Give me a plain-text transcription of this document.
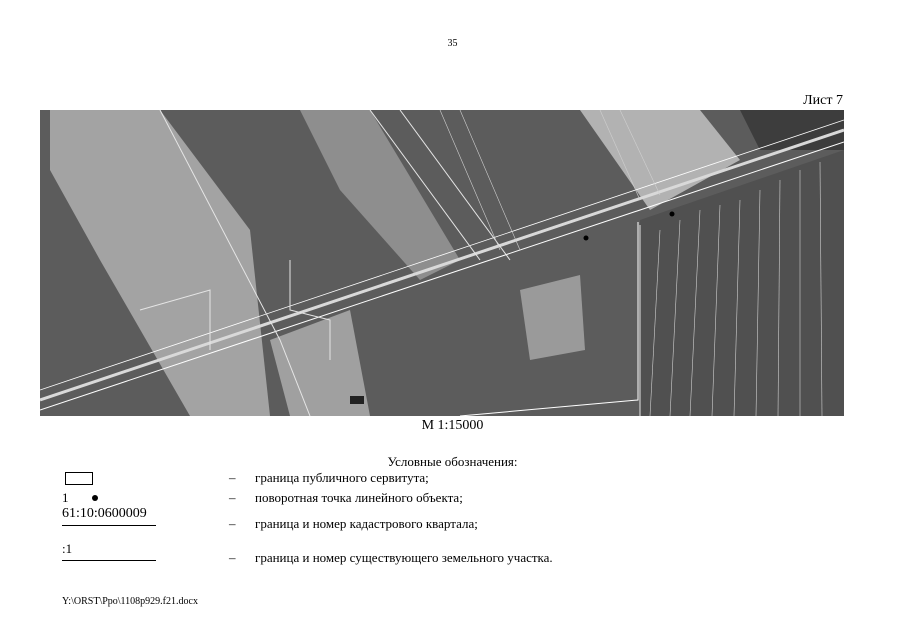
35
Лист 7
М 1:15000
Условные обозначения:
– граница публичного сервитута;
1	– поворотная точка линейного объекта;
61:10:0600009
– граница и номер кадастрового квартала;
:1
– граница и номер существующего земельного участка.
Y:\ORST\Ppo\1108p929.f21.docx
